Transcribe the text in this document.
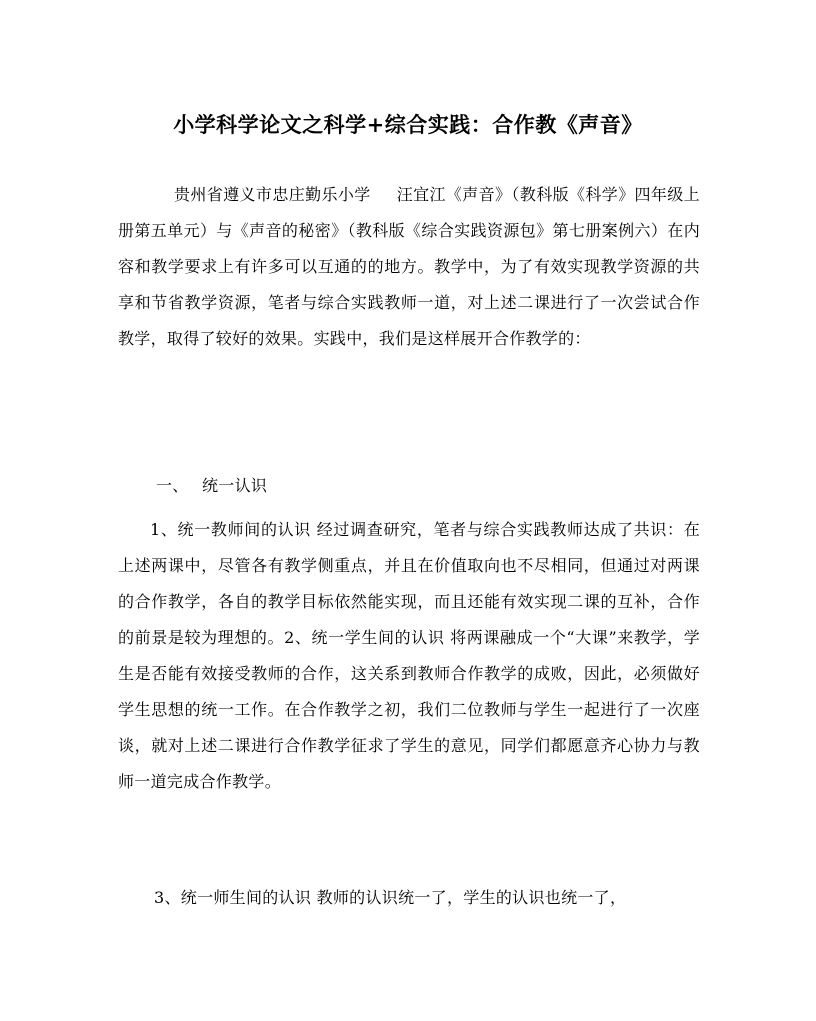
小学科学论文之科学+综合实践：合作教《声音》
贵州省遵义市忠庄勤乐小学 汪宜江《声音》（教科版《科学》四年级上册第五单元）与《声音的秘密》（教科版《综合实践资源包》第七册案例六）在内容和教学要求上有许多可以互通的的地方。教学中，为了有效实现教学资源的共享和节省教学资源，笔者与综合实践教师一道，对上述二课进行了一次尝试合作教学，取得了较好的效果。实践中，我们是这样展开合作教学的：
一、 统一认识
1、统一教师间的认识 经过调查研究，笔者与综合实践教师达成了共识：在上述两课中，尽管各有教学侧重点，并且在价值取向也不尽相同，但通过对两课的合作教学，各自的教学目标依然能实现，而且还能有效实现二课的互补，合作的前景是较为理想的。2、统一学生间的认识 将两课融成一个“大课”来教学，学生是否能有效接受教师的合作，这关系到教师合作教学的成败，因此，必须做好学生思想的统一工作。在合作教学之初，我们二位教师与学生一起进行了一次座谈，就对上述二课进行合作教学征求了学生的意见，同学们都愿意齐心协力与教师一道完成合作教学。
3、统一师生间的认识 教师的认识统一了，学生的认识也统一了，
